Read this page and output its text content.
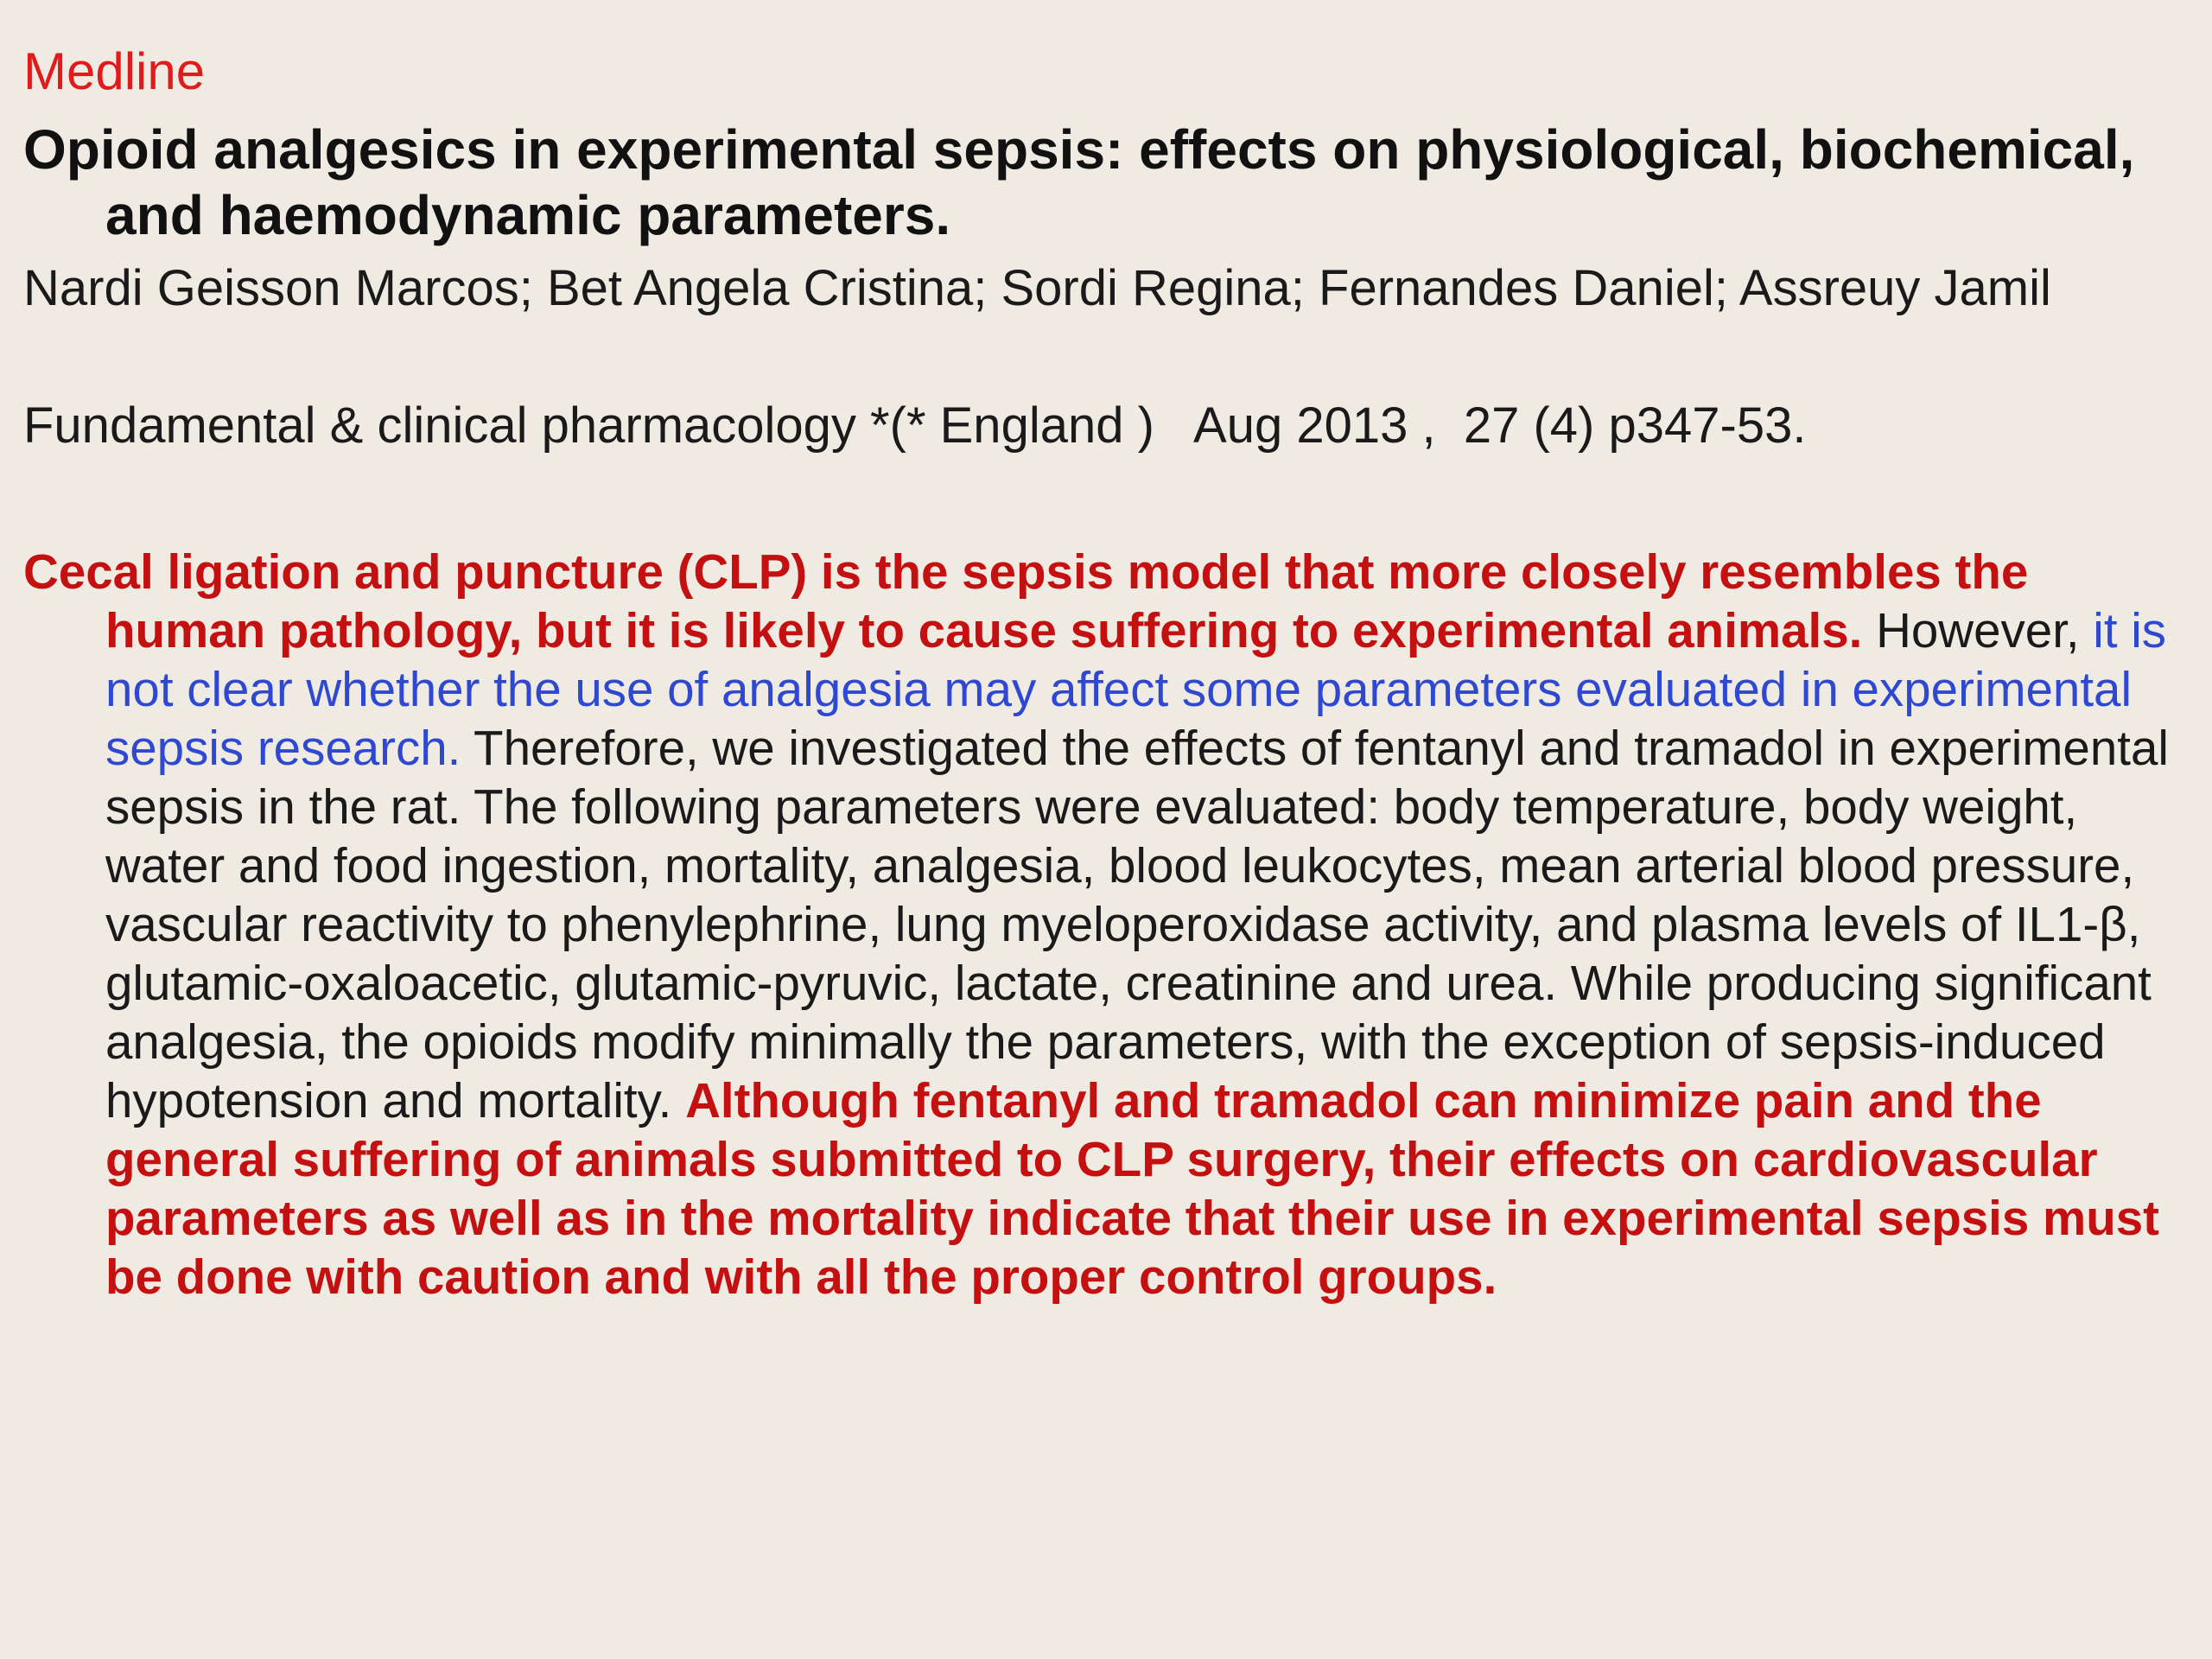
Medline
Opioid analgesics in experimental sepsis: effects on physiological, biochemical, and haemodynamic parameters.
Nardi Geisson Marcos; Bet Angela Cristina; Sordi Regina; Fernandes Daniel; Assreuy Jamil
Fundamental & clinical pharmacology *(* England )   Aug 2013 ,  27 (4) p347-53.
Cecal ligation and puncture (CLP) is the sepsis model that more closely resembles the human pathology, but it is likely to cause suffering to experimental animals. However, it is not clear whether the use of analgesia may affect some parameters evaluated in experimental sepsis research. Therefore, we investigated the effects of fentanyl and tramadol in experimental sepsis in the rat. The following parameters were evaluated: body temperature, body weight, water and food ingestion, mortality, analgesia, blood leukocytes, mean arterial blood pressure, vascular reactivity to phenylephrine, lung myeloperoxidase activity, and plasma levels of IL1-β, glutamic-oxaloacetic, glutamic-pyruvic, lactate, creatinine and urea. While producing significant analgesia, the opioids modify minimally the parameters, with the exception of sepsis-induced hypotension and mortality. Although fentanyl and tramadol can minimize pain and the general suffering of animals submitted to CLP surgery, their effects on cardiovascular parameters as well as in the mortality indicate that their use in experimental sepsis must be done with caution and with all the proper control groups.
